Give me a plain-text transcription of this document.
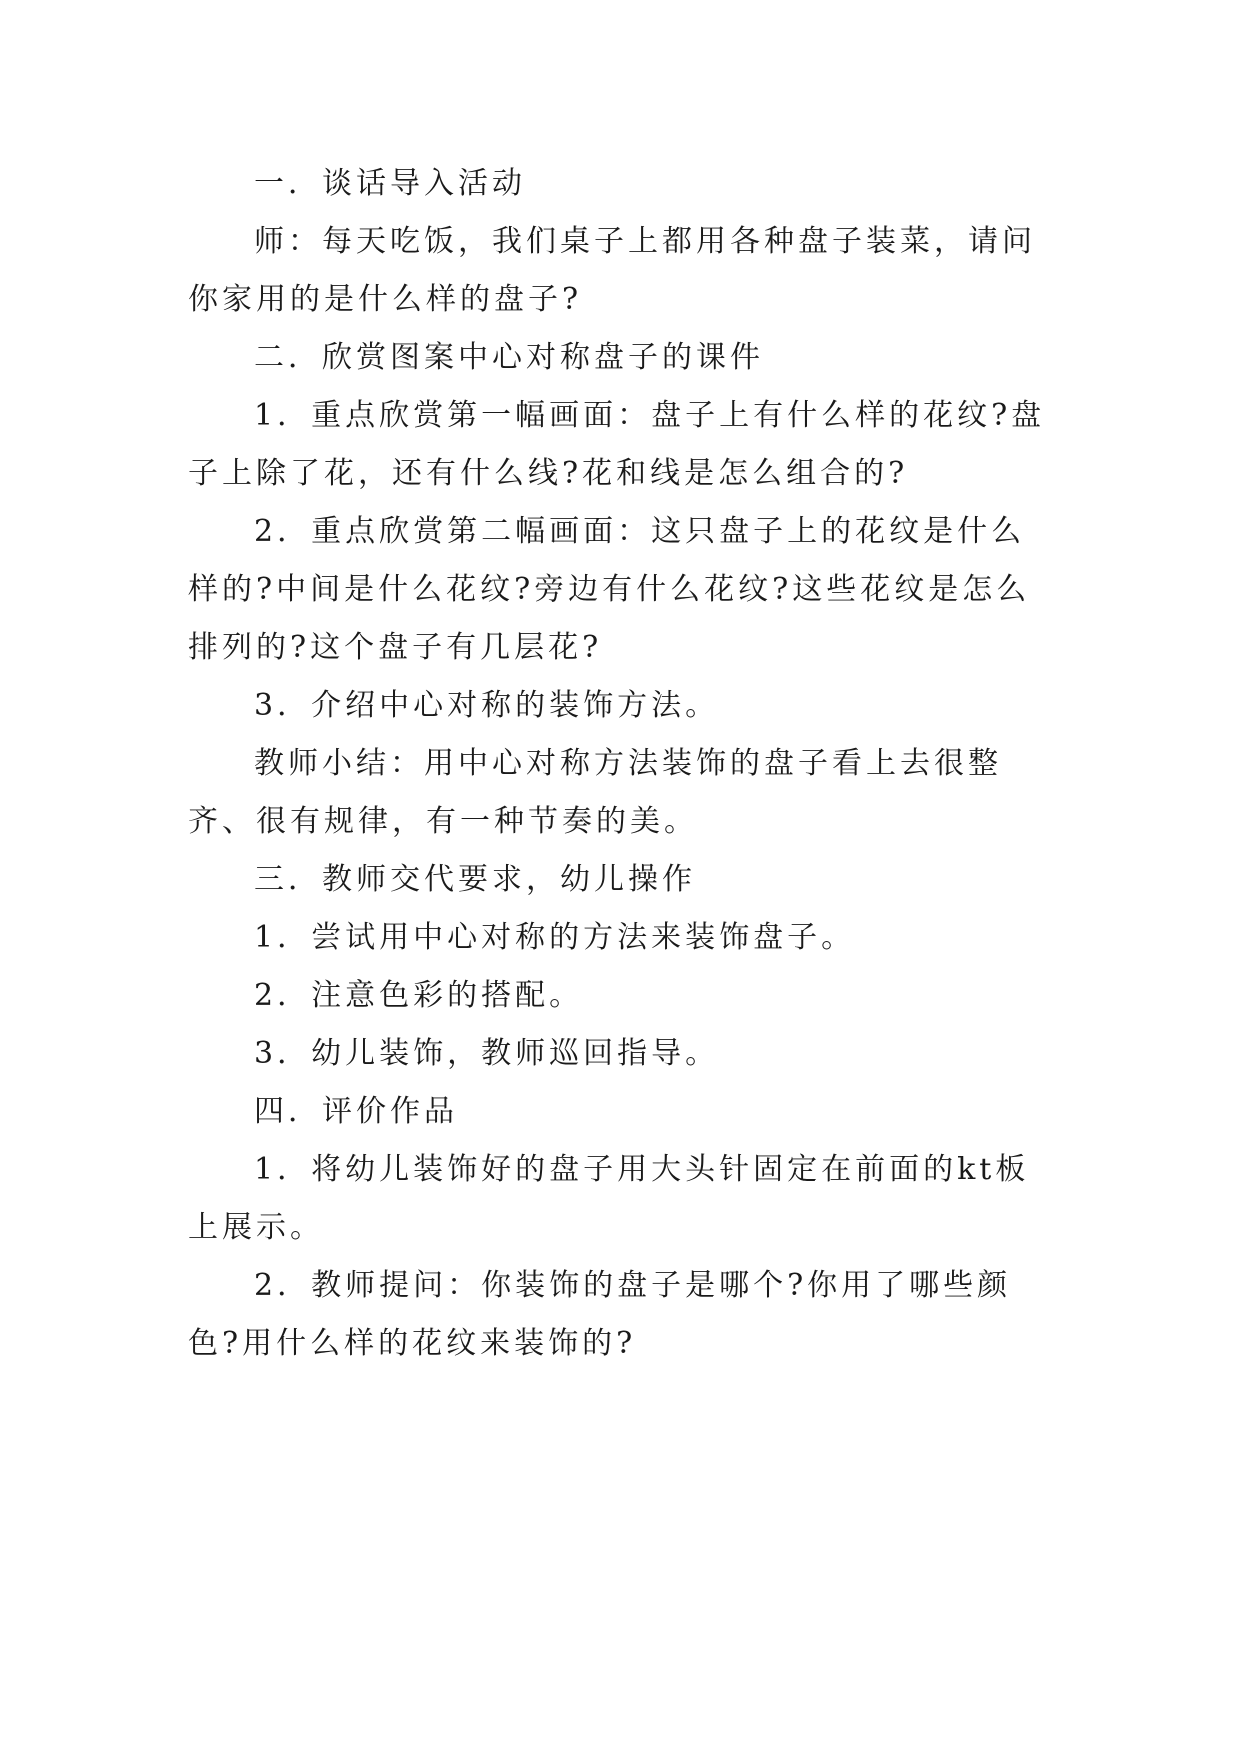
一．谈话导入活动

师：每天吃饭，我们桌子上都用各种盘子装菜，请问你家用的是什么样的盘子?

二．欣赏图案中心对称盘子的课件

1．重点欣赏第一幅画面：盘子上有什么样的花纹?盘子上除了花，还有什么线?花和线是怎么组合的?

2．重点欣赏第二幅画面：这只盘子上的花纹是什么样的?中间是什么花纹?旁边有什么花纹?这些花纹是怎么排列的?这个盘子有几层花?

3．介绍中心对称的装饰方法。

教师小结：用中心对称方法装饰的盘子看上去很整齐、很有规律，有一种节奏的美。

三．教师交代要求，幼儿操作

1．尝试用中心对称的方法来装饰盘子。

2．注意色彩的搭配。

3．幼儿装饰，教师巡回指导。

四．评价作品

1．将幼儿装饰好的盘子用大头针固定在前面的kt板上展示。

2．教师提问：你装饰的盘子是哪个?你用了哪些颜色?用什么样的花纹来装饰的?
